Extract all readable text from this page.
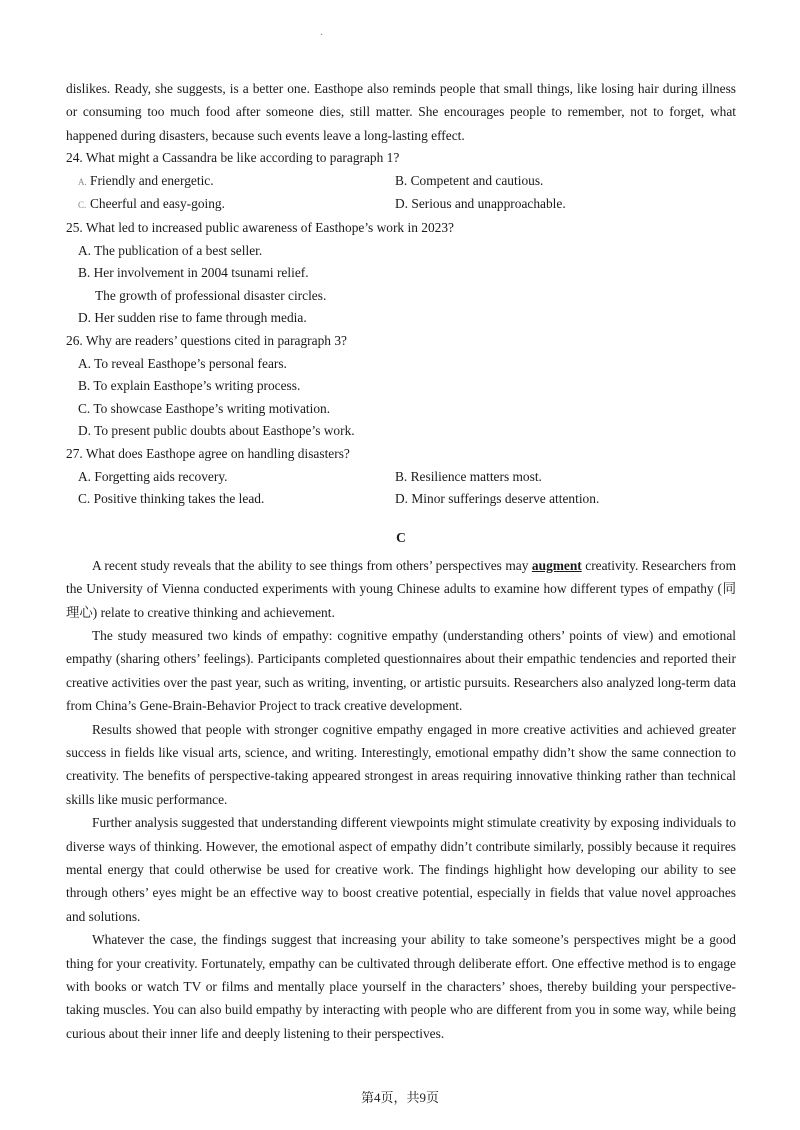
·

dislikes. Ready, she suggests, is a better one. Easthope also reminds people that small things, like losing hair during illness or consuming too much food after someone dies, still matter. She encourages people to remember, not to forget, what happened during disasters, because such events leave a long-lasting effect.

24. What might a Cassandra be like according to paragraph 1?

A. Friendly and energetic.	B. Competent and cautious.
C. Cheerful and easy-going.	D. Serious and unapproachable.

25. What led to increased public awareness of Easthope’s work in 2023?

A. The publication of a best seller.

B. Her involvement in 2004 tsunami relief.

The growth of professional disaster circles.

D. Her sudden rise to fame through media.

26. Why are readers’ questions cited in paragraph 3?

A. To reveal Easthope’s personal fears.

B. To explain Easthope’s writing process.

C. To showcase Easthope’s writing motivation.

D. To present public doubts about Easthope’s work.

27. What does Easthope agree on handling disasters?

A. Forgetting aids recovery.	B. Resilience matters most.
C. Positive thinking takes the lead.	D. Minor sufferings deserve attention.
C

A recent study reveals that the ability to see things from others’ perspectives may augment creativity. Researchers from the University of Vienna conducted experiments with young Chinese adults to examine how different types of empathy (同理心) relate to creative thinking and achievement.

The study measured two kinds of empathy: cognitive empathy (understanding others’ points of view) and emotional empathy (sharing others’ feelings). Participants completed questionnaires about their empathic tendencies and reported their creative activities over the past year, such as writing, inventing, or artistic pursuits. Researchers also analyzed long-term data from China’s Gene-Brain-Behavior Project to track creative development.

Results showed that people with stronger cognitive empathy engaged in more creative activities and achieved greater success in fields like visual arts, science, and writing. Interestingly, emotional empathy didn’t show the same connection to creativity. The benefits of perspective-taking appeared strongest in areas requiring innovative thinking rather than technical skills like music performance.

Further analysis suggested that understanding different viewpoints might stimulate creativity by exposing individuals to diverse ways of thinking. However, the emotional aspect of empathy didn’t contribute similarly, possibly because it requires mental energy that could otherwise be used for creative work. The findings highlight how developing our ability to see through others’ eyes might be an effective way to boost creative potential, especially in fields that value novel approaches and solutions.

Whatever the case, the findings suggest that increasing your ability to take someone’s perspectives might be a good thing for your creativity. Fortunately, empathy can be cultivated through deliberate effort. One effective method is to engage with books or watch TV or films and mentally place yourself in the characters’ shoes, thereby building your perspective-taking muscles. You can also build empathy by interacting with people who are different from you in some way, while being curious about their inner life and deeply listening to their perspectives.

第4页，共9页
